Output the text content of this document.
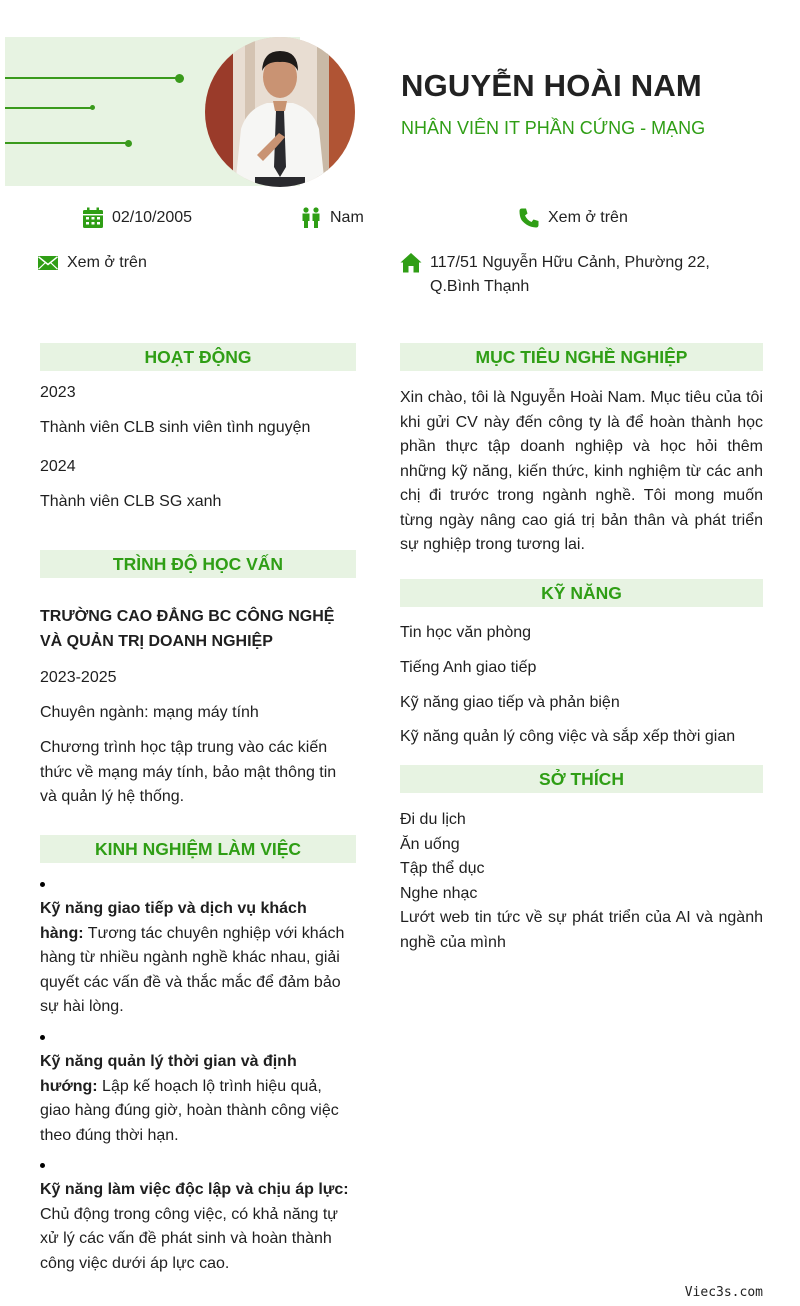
NGUYỄN HOÀI NAM
NHÂN VIÊN IT PHẦN CỨNG - MẠNG
02/10/2005	Nam	Xem ở trên
Xem ở trên	117/51 Nguyễn Hữu Cảnh, Phường 22, Q.Bình Thạnh
HOẠT ĐỘNG
2023
Thành viên CLB sinh viên tình nguyện
2024
Thành viên CLB SG xanh
TRÌNH ĐỘ HỌC VẤN
TRƯỜNG CAO ĐẲNG BC CÔNG NGHỆ VÀ QUẢN TRỊ DOANH NGHIỆP
2023-2025
Chuyên ngành: mạng máy tính
Chương trình học tập trung vào các kiến thức về mạng máy tính, bảo mật thông tin và quản lý hệ thống.
KINH NGHIỆM LÀM VIỆC
Kỹ năng giao tiếp và dịch vụ khách hàng: Tương tác chuyên nghiệp với khách hàng từ nhiều ngành nghề khác nhau, giải quyết các vấn đề và thắc mắc để đảm bảo sự hài lòng.
Kỹ năng quản lý thời gian và định hướng: Lập kế hoạch lộ trình hiệu quả, giao hàng đúng giờ, hoàn thành công việc theo đúng thời hạn.
Kỹ năng làm việc độc lập và chịu áp lực: Chủ động trong công việc, có khả năng tự xử lý các vấn đề phát sinh và hoàn thành công việc dưới áp lực cao.
MỤC TIÊU NGHỀ NGHIỆP
Xin chào, tôi là Nguyễn Hoài Nam. Mục tiêu của tôi khi gửi CV này đến công ty là để hoàn thành học phần thực tập doanh nghiệp và học hỏi thêm những kỹ năng, kiến thức, kinh nghiệm từ các anh chị đi trước trong ngành nghề. Tôi mong muốn từng ngày nâng cao giá trị bản thân và phát triển sự nghiệp trong tương lai.
KỸ NĂNG
Tin học văn phòng
Tiếng Anh giao tiếp
Kỹ năng giao tiếp và phản biện
Kỹ năng quản lý công việc và sắp xếp thời gian
SỞ THÍCH
Đi du lịch
Ăn uống
Tập thể dục
Nghe nhạc
Lướt web tin tức về sự phát triển của AI và ngành nghề của mình
Viec3s.com
